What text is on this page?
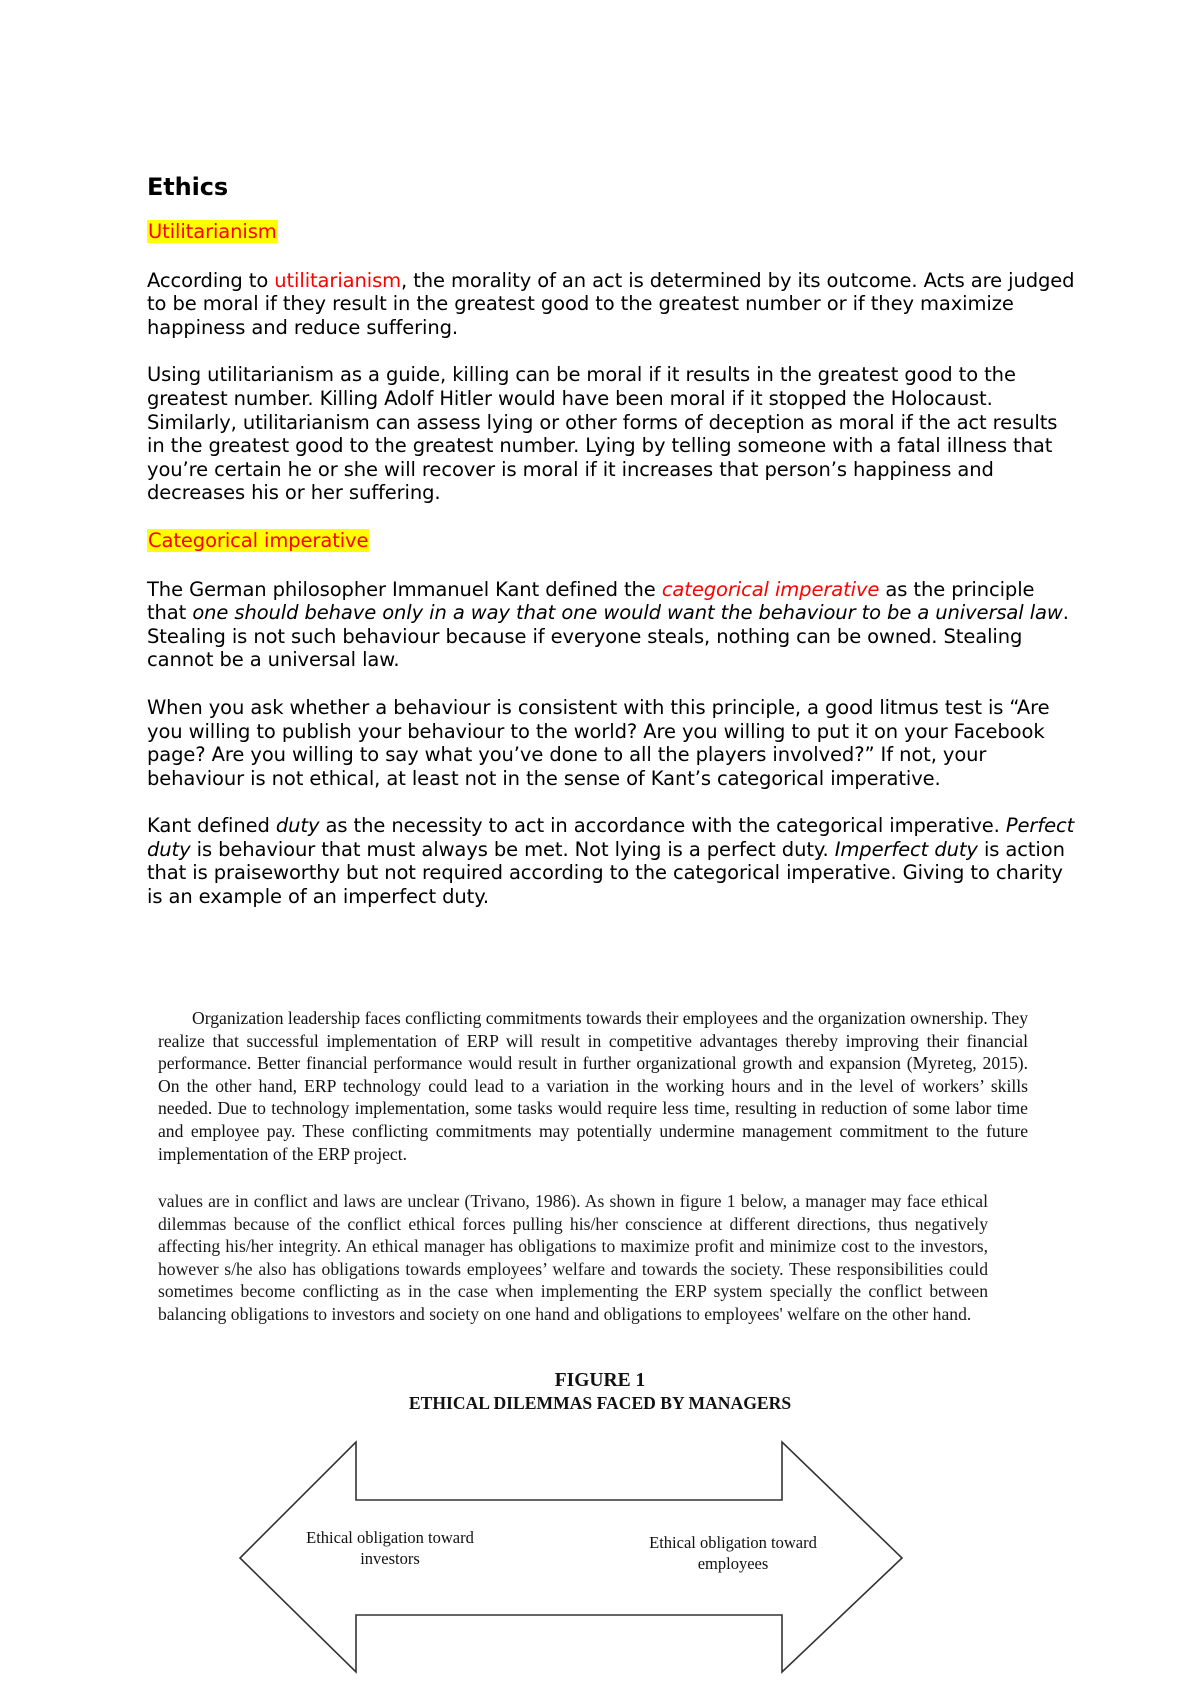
Ethics
Utilitarianism

According to utilitarianism, the morality of an act is determined by its outcome. Acts are judged to be moral if they result in the greatest good to the greatest number or if they maximize happiness and reduce suffering.

Using utilitarianism as a guide, killing can be moral if it results in the greatest good to the greatest number. Killing Adolf Hitler would have been moral if it stopped the Holocaust. Similarly, utilitarianism can assess lying or other forms of deception as moral if the act results in the greatest good to the greatest number. Lying by telling someone with a fatal illness that you’re certain he or she will recover is moral if it increases that person’s happiness and decreases his or her suffering.

Categorical imperative

The German philosopher Immanuel Kant defined the categorical imperative as the principle that one should behave only in a way that one would want the behaviour to be a universal law. Stealing is not such behaviour because if everyone steals, nothing can be owned. Stealing cannot be a universal law.

When you ask whether a behaviour is consistent with this principle, a good litmus test is “Are you willing to publish your behaviour to the world? Are you willing to put it on your Facebook page? Are you willing to say what you’ve done to all the players involved?” If not, your behaviour is not ethical, at least not in the sense of Kant’s categorical imperative.

Kant defined duty as the necessity to act in accordance with the categorical imperative. Perfect duty is behaviour that must always be met. Not lying is a perfect duty. Imperfect duty is action that is praiseworthy but not required according to the categorical imperative. Giving to charity is an example of an imperfect duty.

Organization leadership faces conflicting commitments towards their employees and the organization ownership. They realize that successful implementation of ERP will result in competitive advantages thereby improving their financial performance. Better financial performance would result in further organizational growth and expansion (Myreteg, 2015). On the other hand, ERP technology could lead to a variation in the working hours and in the level of workers’ skills needed. Due to technology implementation, some tasks would require less time, resulting in reduction of some labor time and employee pay. These conflicting commitments may potentially undermine management commitment to the future implementation of the ERP project.

values are in conflict and laws are unclear (Trivano, 1986). As shown in figure 1 below, a manager may face ethical dilemmas because of the conflict ethical forces pulling his/her conscience at different directions, thus negatively affecting his/her integrity. An ethical manager has obligations to maximize profit and minimize cost to the investors, however s/he also has obligations towards employees’ welfare and towards the society. These responsibilities could sometimes become conflicting as in the case when implementing the ERP system specially the conflict between balancing obligations to investors and society on one hand and obligations to employees' welfare on the other hand.

FIGURE 1
ETHICAL DILEMMAS FACED BY MANAGERS
Ethical obligation toward investors
Ethical obligation toward employees
